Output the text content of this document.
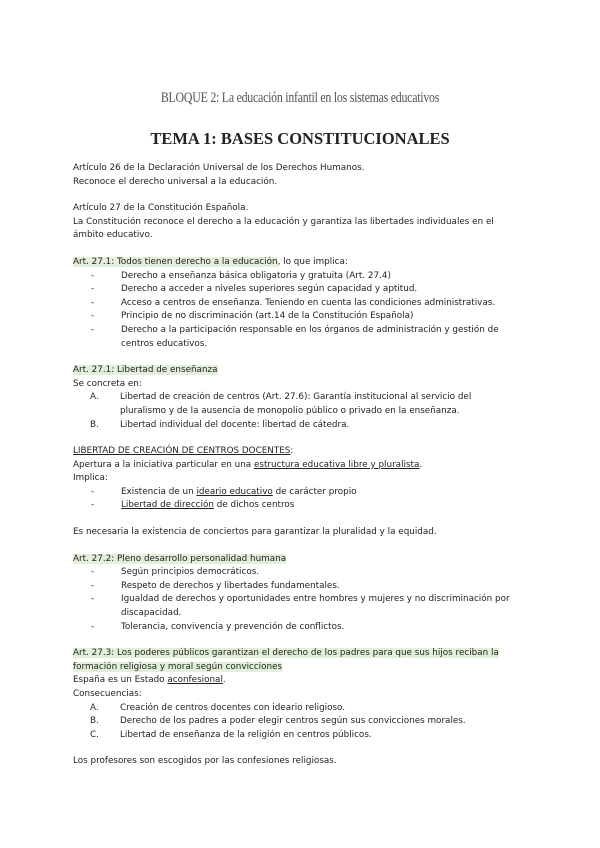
BLOQUE 2: La educación infantil en los sistemas educativos
TEMA 1: BASES CONSTITUCIONALES

Artículo 26 de la Declaración Universal de los Derechos Humanos.

Reconoce el derecho universal a la educación.

Artículo 27 de la Constitución Española.

La Constitución reconoce el derecho a la educación y garantiza las libertades individuales en el ámbito educativo.

Art. 27.1: Todos tienen derecho a la educación, lo que implica:

- Derecho a enseñanza básica obligatoria y gratuita (Art. 27.4)
- Derecho a acceder a niveles superiores según capacidad y aptitud.
- Acceso a centros de enseñanza. Teniendo en cuenta las condiciones administrativas.
- Principio de no discriminación (art.14 de la Constitución Española)
- Derecho a la participación responsable en los órganos de administración y gestión de centros educativos.

Art. 27.1: Libertad de enseñanza

Se concreta en:

A.	Libertad de creación de centros (Art. 27.6): Garantía institucional al servicio del pluralismo y de la ausencia de monopolio público o privado en la enseñanza.
B.	Libertad individual del docente: libertad de cátedra.

LIBERTAD DE CREACIÓN DE CENTROS DOCENTES:

Apertura a la iniciativa particular en una estructura educativa libre y pluralista.

Implica:

- Existencia de un ideario educativo de carácter propio
- Libertad de dirección de dichos centros

Es necesaria la existencia de conciertos para garantizar la pluralidad y la equidad.

Art. 27.2: Pleno desarrollo personalidad humana

- Según principios democráticos.
- Respeto de derechos y libertades fundamentales.
- Igualdad de derechos y oportunidades entre hombres y mujeres y no discriminación por discapacidad.
- Tolerancia, convivencia y prevención de conflictos.

Art. 27.3: Los poderes públicos garantizan el derecho de los padres para que sus hijos reciban la formación religiosa y moral según convicciones

España es un Estado aconfesional.

Consecuencias:

A.	Creación de centros docentes con ideario religioso.
B.	Derecho de los padres a poder elegir centros según sus convicciones morales.
C.	Libertad de enseñanza de la religión en centros públicos.

Los profesores son escogidos por las confesiones religiosas.
